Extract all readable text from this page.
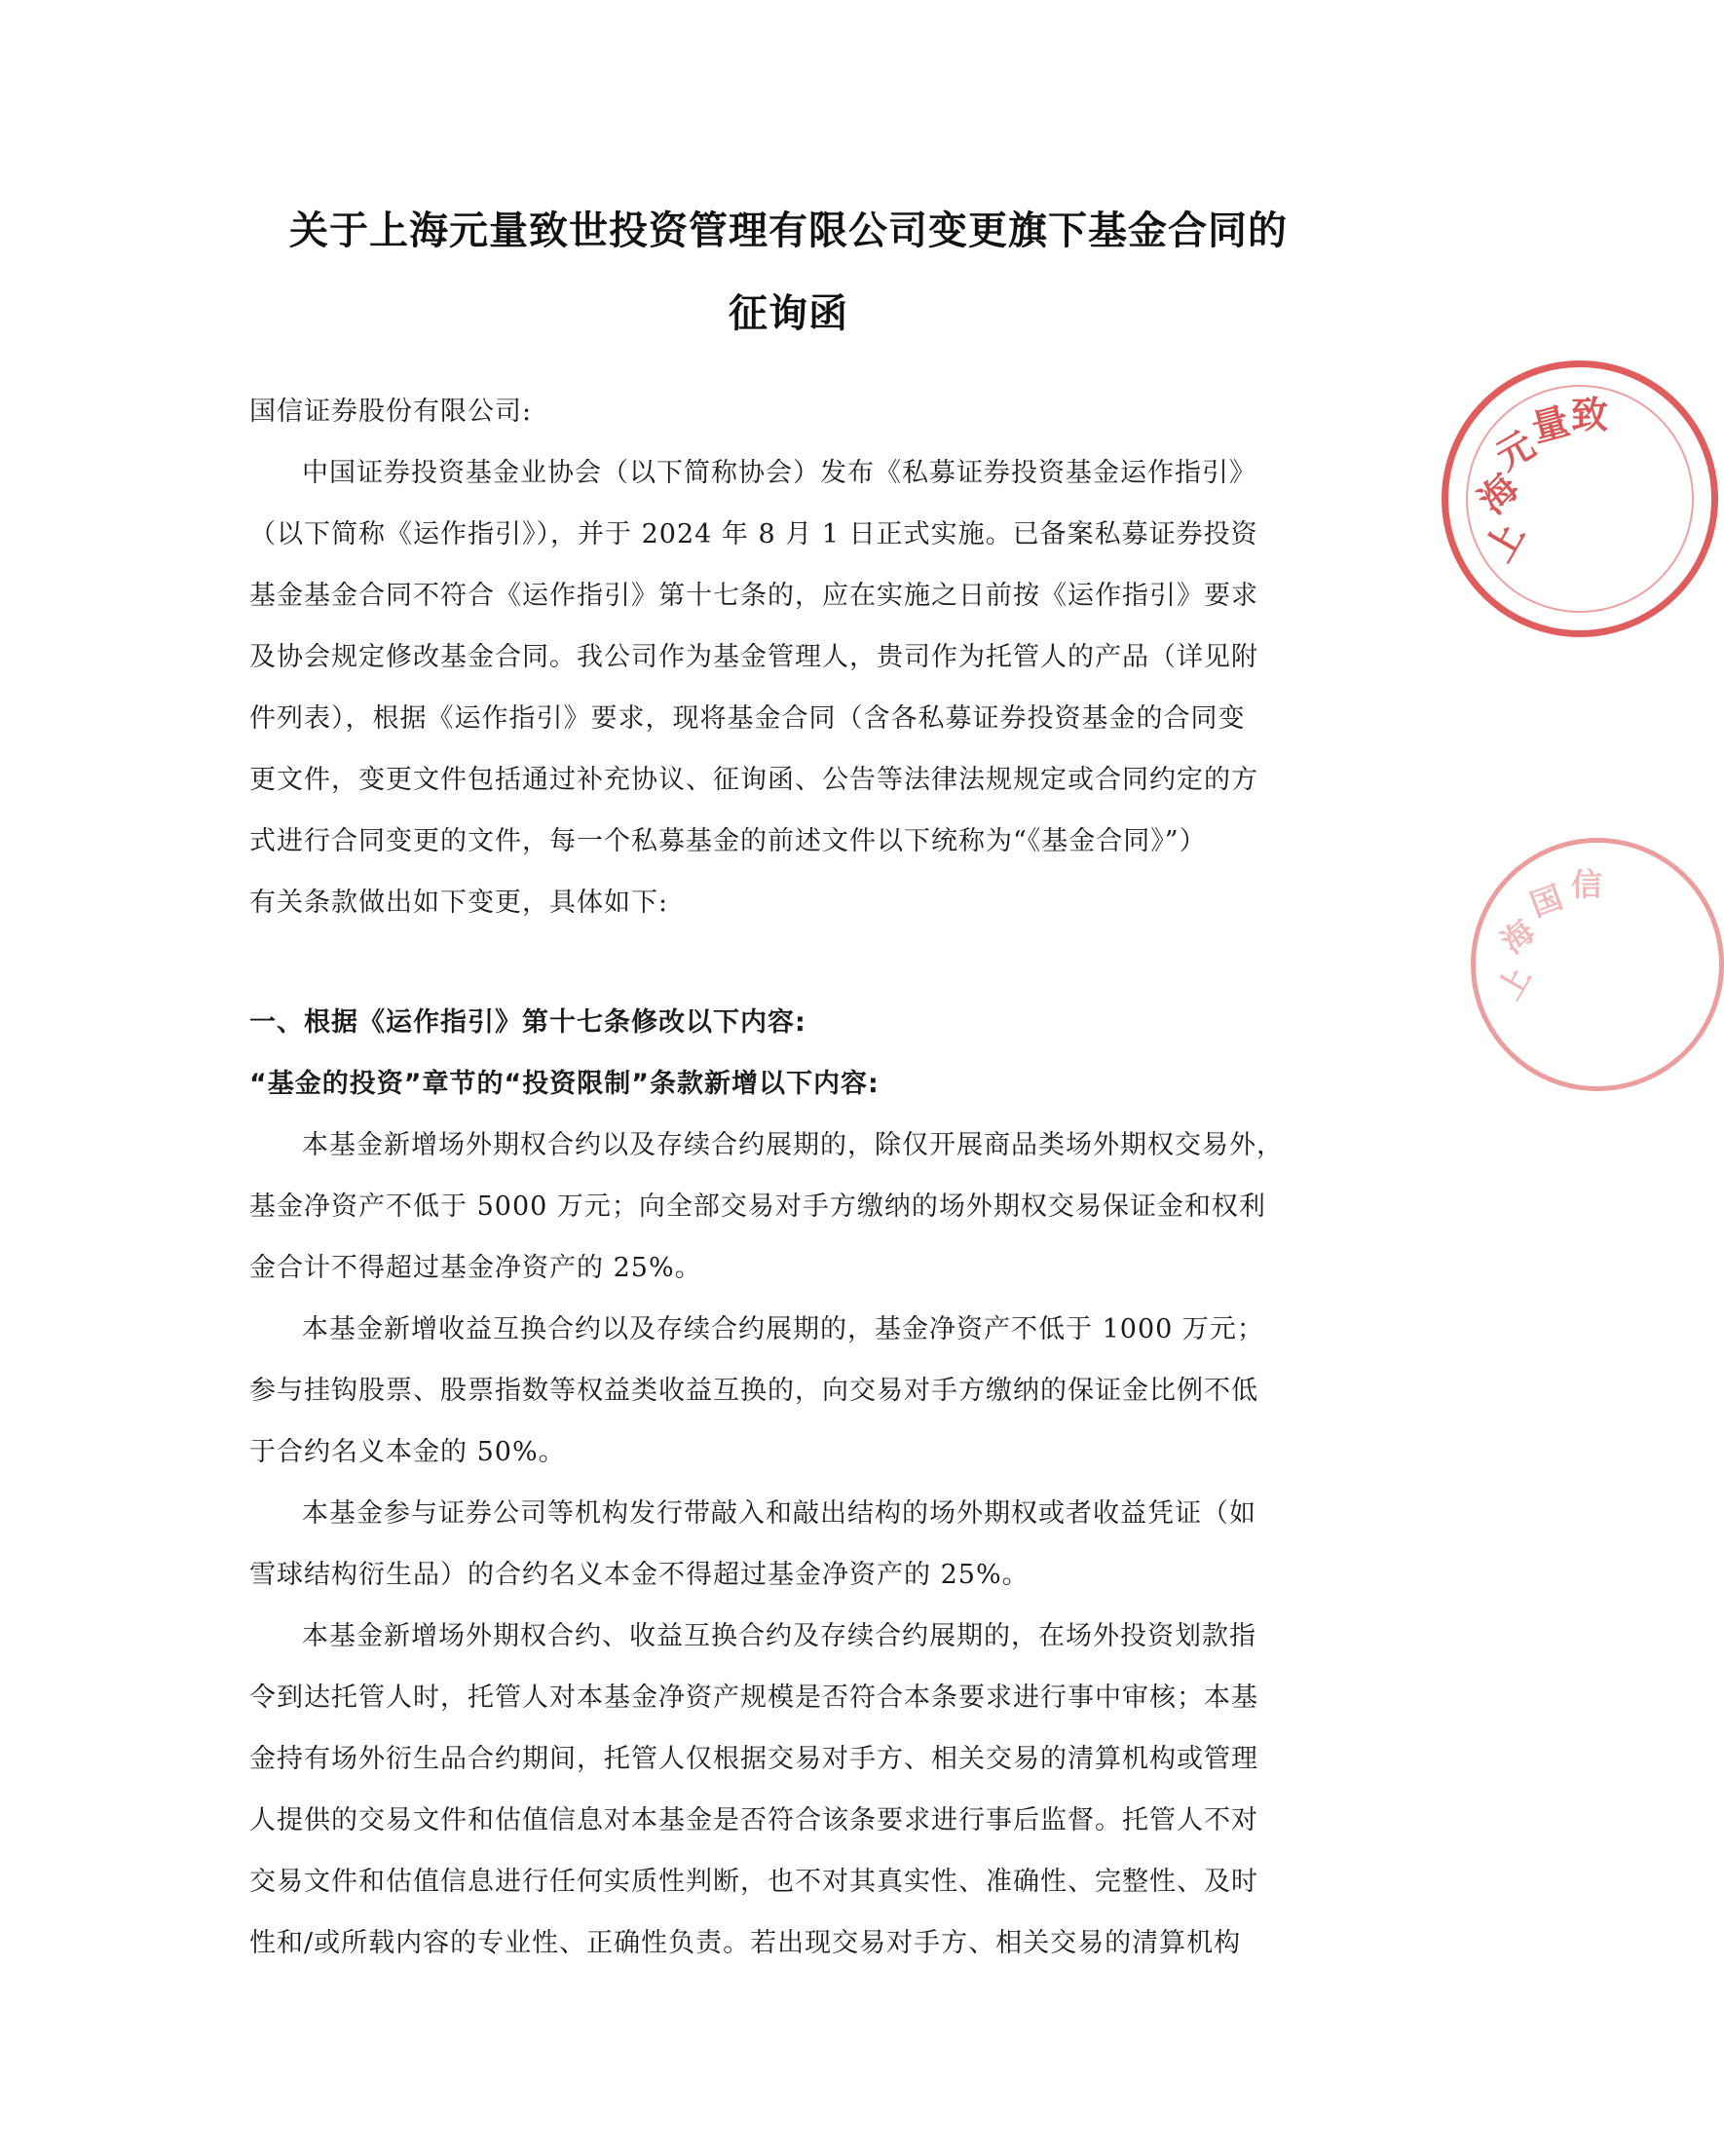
关于上海元量致世投资管理有限公司变更旗下基金合同的
征询函
国信证券股份有限公司:
中国证券投资基金业协会（以下简称协会）发布《私募证券投资基金运作指引》
（以下简称《运作指引》），并于 2024 年 8 月 1 日正式实施。已备案私募证券投资
基金基金合同不符合《运作指引》第十七条的，应在实施之日前按《运作指引》要求
及协会规定修改基金合同。我公司作为基金管理人，贵司作为托管人的产品（详见附
件列表），根据《运作指引》要求，现将基金合同（含各私募证券投资基金的合同变
更文件，变更文件包括通过补充协议、征询函、公告等法律法规规定或合同约定的方
式进行合同变更的文件，每一个私募基金的前述文件以下统称为“《基金合同》”）
有关条款做出如下变更，具体如下:
一、根据《运作指引》第十七条修改以下内容:
“基金的投资”章节的“投资限制”条款新增以下内容:
本基金新增场外期权合约以及存续合约展期的，除仅开展商品类场外期权交易外，
基金净资产不低于 5000 万元；向全部交易对手方缴纳的场外期权交易保证金和权利
金合计不得超过基金净资产的 25%。
本基金新增收益互换合约以及存续合约展期的，基金净资产不低于 1000 万元；
参与挂钩股票、股票指数等权益类收益互换的，向交易对手方缴纳的保证金比例不低
于合约名义本金的 50%。
本基金参与证券公司等机构发行带敲入和敲出结构的场外期权或者收益凭证（如
雪球结构衍生品）的合约名义本金不得超过基金净资产的 25%。
本基金新增场外期权合约、收益互换合约及存续合约展期的，在场外投资划款指
令到达托管人时，托管人对本基金净资产规模是否符合本条要求进行事中审核；本基
金持有场外衍生品合约期间，托管人仅根据交易对手方、相关交易的清算机构或管理
人提供的交易文件和估值信息对本基金是否符合该条要求进行事后监督。托管人不对
交易文件和估值信息进行任何实质性判断，也不对其真实性、准确性、完整性、及时
性和/或所载内容的专业性、正确性负责。若出现交易对手方、相关交易的清算机构
上
海
元
量
致
上
海
国 信
